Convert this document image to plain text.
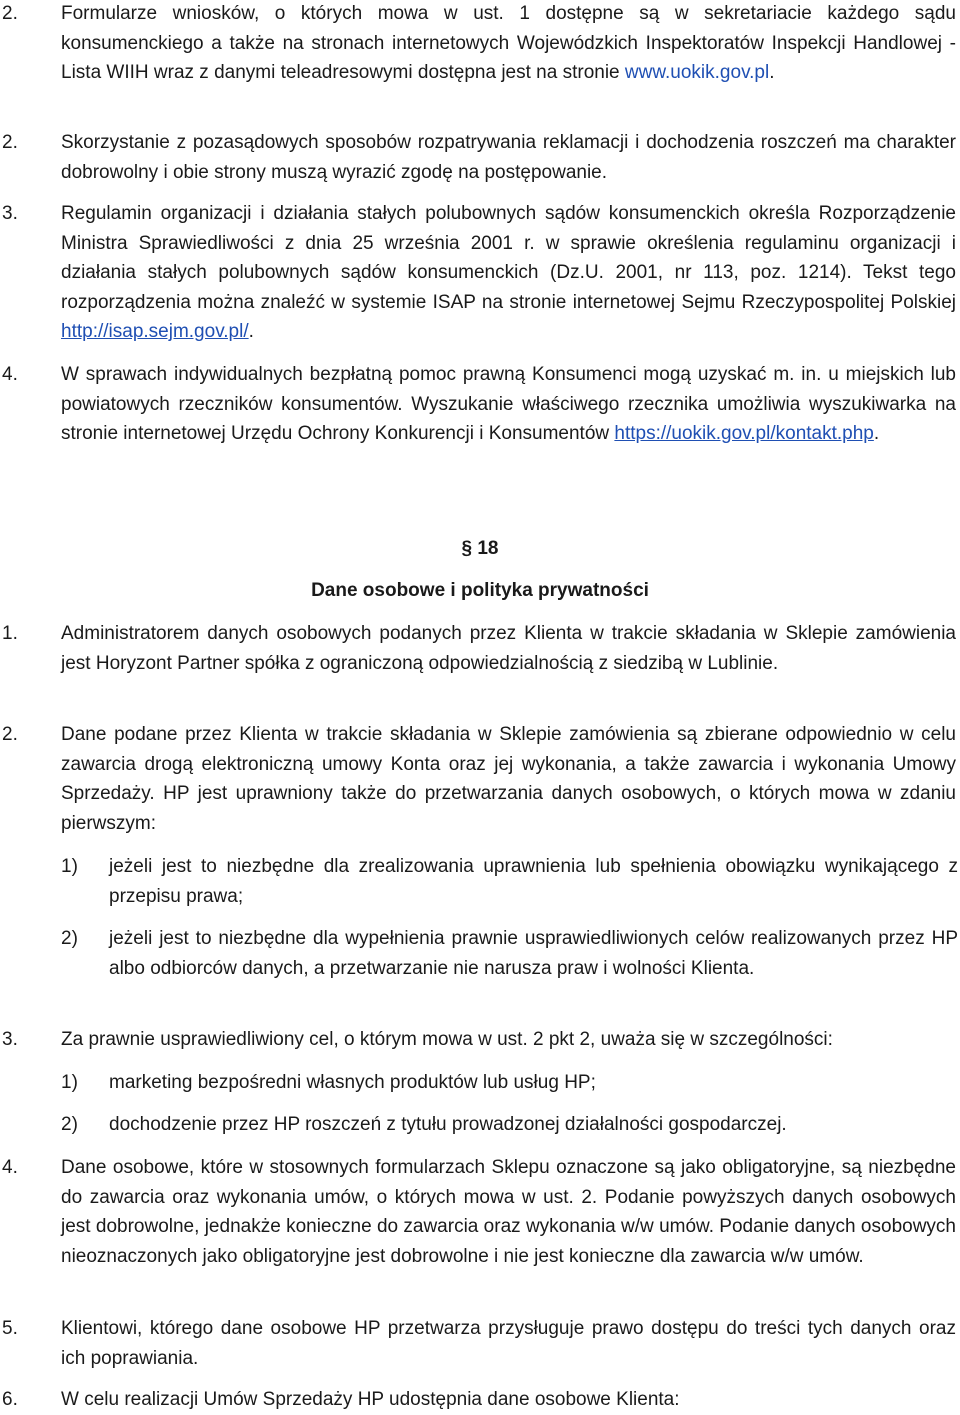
2.	Formularze wniosków, o których mowa w ust. 1 dostępne są w sekretariacie każdego sądu konsumenckiego a także na stronach internetowych Wojewódzkich Inspektoratów Inspekcji Handlowej - Lista WIIH wraz z danymi teleadresowymi dostępna jest na stronie www.uokik.gov.pl.
2.	Skorzystanie z pozasądowych sposobów rozpatrywania reklamacji i dochodzenia roszczeń ma charakter dobrowolny i obie strony muszą wyrazić zgodę na postępowanie.
3.	Regulamin organizacji i działania stałych polubownych sądów konsumenckich określa Rozporządzenie Ministra Sprawiedliwości z dnia 25 września 2001 r. w sprawie określenia regulaminu organizacji i działania stałych polubownych sądów konsumenckich (Dz.U. 2001, nr 113, poz. 1214). Tekst tego rozporządzenia można znaleźć w systemie ISAP na stronie internetowej Sejmu Rzeczypospolitej Polskiej http://isap.sejm.gov.pl/.
4.	W sprawach indywidualnych bezpłatną pomoc prawną Konsumenci mogą uzyskać m. in. u miejskich lub powiatowych rzeczników konsumentów. Wyszukanie właściwego rzecznika umożliwia wyszukiwarka na stronie internetowej Urzędu Ochrony Konkurencji i Konsumentów https://uokik.gov.pl/kontakt.php.
§ 18
Dane osobowe i polityka prywatności
1.	Administratorem danych osobowych podanych przez Klienta w trakcie składania w Sklepie zamówienia jest Horyzont Partner spółka z ograniczoną odpowiedzialnością z siedzibą w Lublinie.
2.	Dane podane przez Klienta w trakcie składania w Sklepie zamówienia są zbierane odpowiednio w celu zawarcia drogą elektroniczną umowy Konta oraz jej wykonania, a także zawarcia i wykonania Umowy Sprzedaży. HP jest uprawniony także do przetwarzania danych osobowych, o których mowa w zdaniu pierwszym:
1)	jeżeli jest to niezbędne dla zrealizowania uprawnienia lub spełnienia obowiązku wynikającego z przepisu prawa;
2)	jeżeli jest to niezbędne dla wypełnienia prawnie usprawiedliwionych celów realizowanych przez HP albo odbiorców danych, a przetwarzanie nie narusza praw i wolności Klienta.
3.	Za prawnie usprawiedliwiony cel, o którym mowa w ust. 2 pkt 2, uważa się w szczególności:
1)	marketing bezpośredni własnych produktów lub usług HP;
2)	dochodzenie przez HP roszczeń z tytułu prowadzonej działalności gospodarczej.
4.	Dane osobowe, które w stosownych formularzach Sklepu oznaczone są jako obligatoryjne, są niezbędne do zawarcia oraz wykonania umów, o których mowa w ust. 2. Podanie powyższych danych osobowych jest dobrowolne, jednakże konieczne do zawarcia oraz wykonania w/w umów. Podanie danych osobowych nieoznaczonych jako obligatoryjne jest dobrowolne i nie jest konieczne dla zawarcia w/w umów.
5.	Klientowi, którego dane osobowe HP przetwarza przysługuje prawo dostępu do treści tych danych oraz ich poprawiania.
6.	W celu realizacji Umów Sprzedaży HP udostępnia dane osobowe Klienta:
